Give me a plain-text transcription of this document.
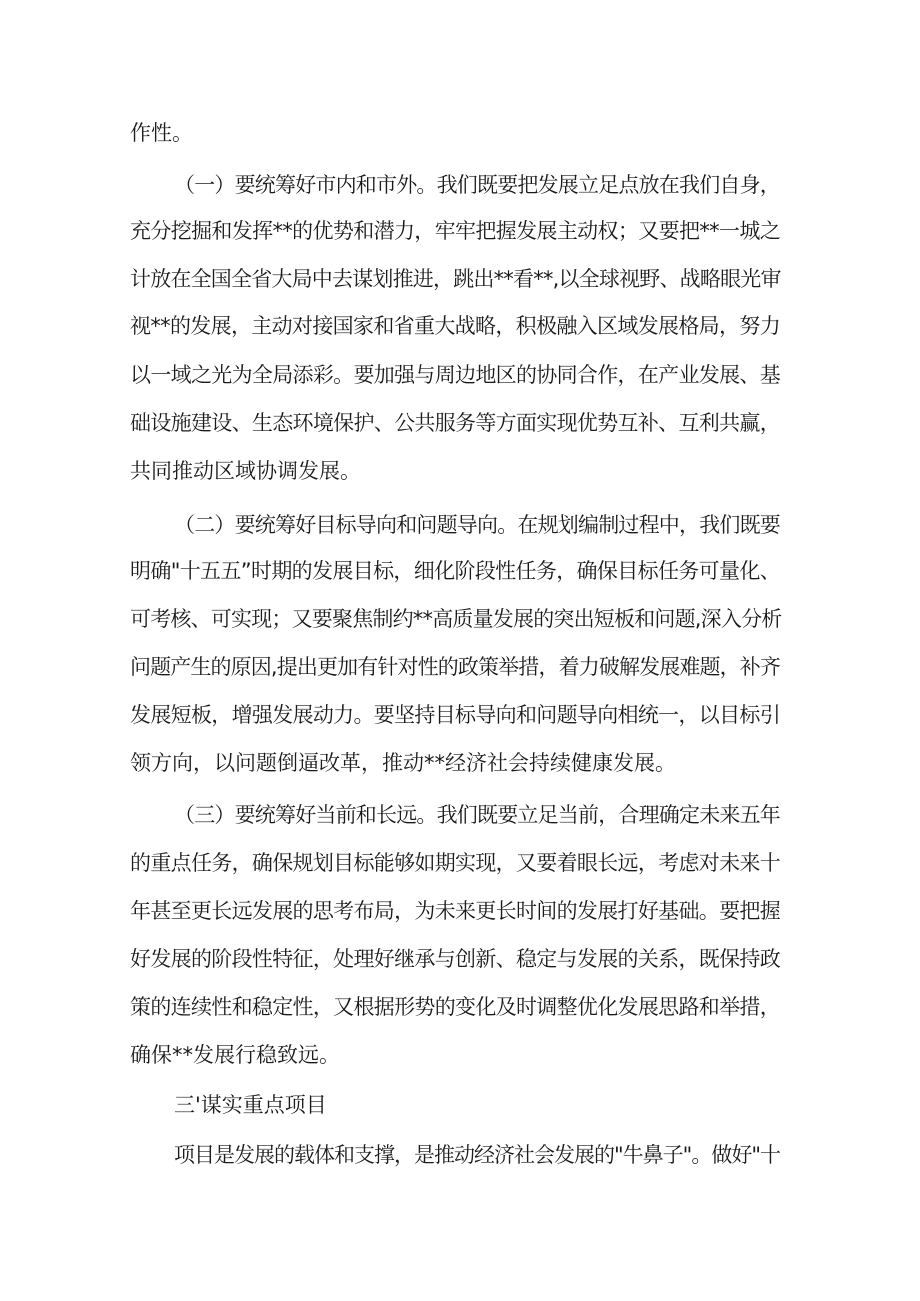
作性。
（一）要统筹好市内和市外。我们既要把发展立足点放在我们自身，
充分挖掘和发挥**的优势和潜力，牢牢把握发展主动权；又要把**一城之
计放在全国全省大局中去谋划推进，跳出**看**,以全球视野、战略眼光审
视**的发展，主动对接国家和省重大战略，积极融入区域发展格局，努力
以一域之光为全局添彩。要加强与周边地区的协同合作，在产业发展、基
础设施建设、生态环境保护、公共服务等方面实现优势互补、互利共赢，
共同推动区域协调发展。
（二）要统筹好目标导向和问题导向。在规划编制过程中，我们既要
明确"十五五”时期的发展目标，细化阶段性任务，确保目标任务可量化、
可考核、可实现；又要聚焦制约**高质量发展的突出短板和问题,深入分析
问题产生的原因,提出更加有针对性的政策举措，着力破解发展难题，补齐
发展短板，增强发展动力。要坚持目标导向和问题导向相统一，以目标引
领方向，以问题倒逼改革，推动**经济社会持续健康发展。
（三）要统筹好当前和长远。我们既要立足当前，合理确定未来五年
的重点任务，确保规划目标能够如期实现，又要着眼长远，考虑对未来十
年甚至更长远发展的思考布局，为未来更长时间的发展打好基础。要把握
好发展的阶段性特征，处理好继承与创新、稳定与发展的关系，既保持政
策的连续性和稳定性，又根据形势的变化及时调整优化发展思路和举措，
确保**发展行稳致远。
三'谋实重点项目
项目是发展的载体和支撑，是推动经济社会发展的"牛鼻子"。做好"十
